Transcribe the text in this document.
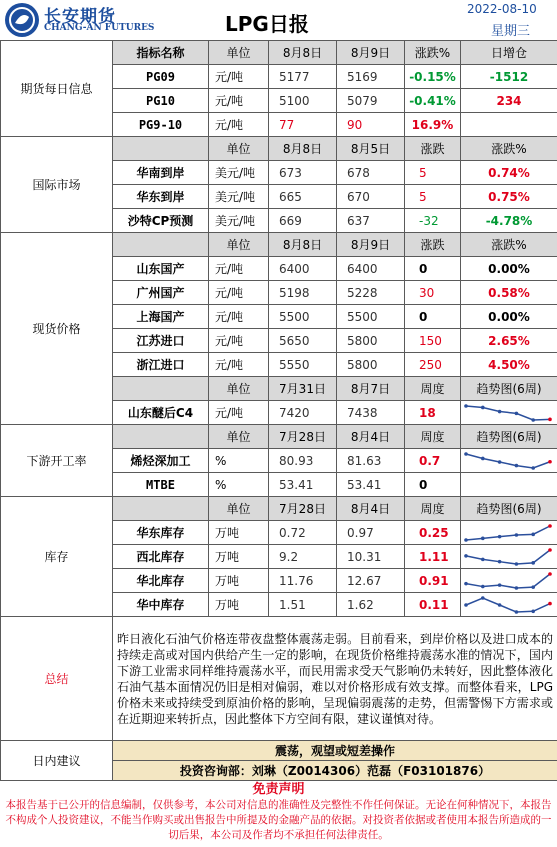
长安期货
CHANG-AN FUTURES	LPG日报
2022-08-10
星期三
期货每日信息	指标名称	单位	8月8日	8月9日	涨跌%	日增仓
	PG09	元/吨	5177	5169	-0.15%	-1512
	PG10	元/吨	5100	5079	-0.41%	234
	PG9-10	元/吨	77	90	16.9%	
国际市场		单位	8月8日	8月5日	涨跌	涨跌%
	华南到岸	美元/吨	673	678	5	0.74%
	华东到岸	美元/吨	665	670	5	0.75%
	沙特CP预测	美元/吨	669	637	-32	-4.78%
现货价格		单位	8月8日	8月9日	涨跌	涨跌%
	山东国产	元/吨	6400	6400	0	0.00%
	广州国产	元/吨	5198	5228	30	0.58%
	上海国产	元/吨	5500	5500	0	0.00%
	江苏进口	元/吨	5650	5800	150	2.65%
	浙江进口	元/吨	5550	5800	250	4.50%
		单位	7月31日	8月7日	周度	趋势图(6周)
	山东醚后C4	元/吨	7420	7438	18	

下游开工率		单位	7月28日	8月4日	周度	趋势图(6周)
	烯烃深加工	%	80.93	81.63	0.7	

	MTBE	%	53.41	53.41	0	

库存		单位	7月28日	8月4日	周度	趋势图(6周)
	华东库存	万吨	0.72	0.97	0.25	

	西北库存	万吨	9.2	10.31	1.11	

	华北库存	万吨	11.76	12.67	0.91	

	华中库存	万吨	1.51	1.62	0.11	

总结	昨日液化石油气价格连带夜盘整体震荡走弱。目前看来，到岸价格以及进口成本的持续走高或对国内供给产生一定的影响，在现货价格维持震荡水准的情况下，国内下游工业需求同样维持震荡水平，而民用需求受天气影响仍未转好，因此整体液化石油气基本面情况仍旧是相对偏弱，难以对价格形成有效支撑。而整体看来，LPG价格未来或持续受到原油价格的影响，呈现偏弱震荡的走势，但需警惕下方需求或在近期迎来转折点，因此整体下方空间有限，建议谨慎对待。					
日内建议	震荡，观望或短差操作					
	投资咨询部：刘琳（Z0014306）范磊（F03101876）					
免责声明
本报告基于已公开的信息编制，仅供参考，本公司对信息的准确性及完整性不作任何保证。无论在何种情况下，本报告不构成个人投资建议，不能当作购买或出售报告中所提及的金融产品的依据。对投资者依据或者使用本报告所造成的一切后果，本公司及作者均不承担任何法律责任。
